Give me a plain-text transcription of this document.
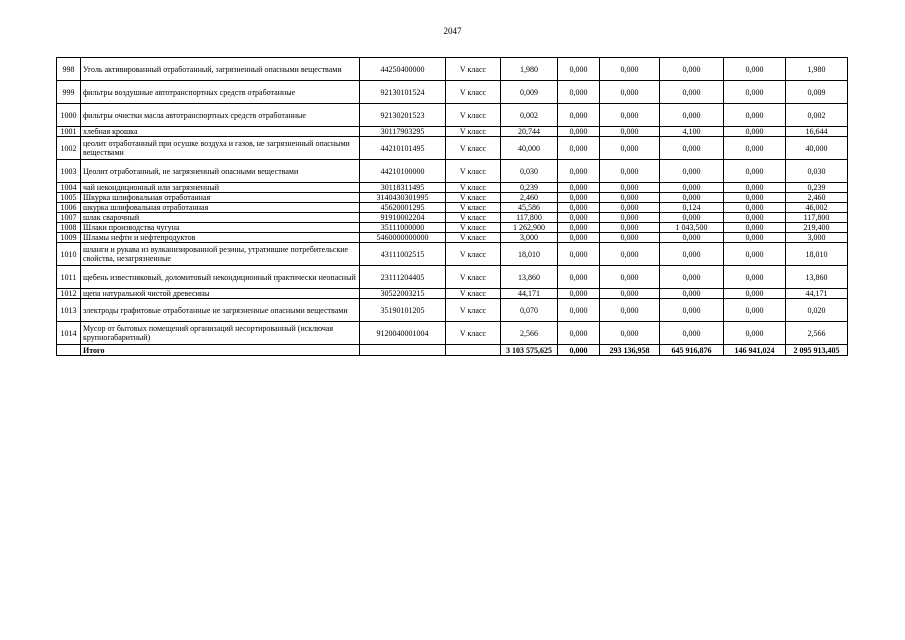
2047
998	Уголь активированный отработанный, загрязненный опасными веществами	44250400000	V класс	1,980	0,000	0,000	0,000	0,000	1,980
999	фильтры воздушные автотранспортных средств отработанные	92130101524	V класс	0,009	0,000	0,000	0,000	0,000	0,009
1000	фильтры очистки масла автотранспортных средств отработанные	92130201523	V класс	0,002	0,000	0,000	0,000	0,000	0,002
1001	хлебная крошка	30117903295	V класс	20,744	0,000	0,000	4,100	0,000	16,644
1002	цеолит отработанный при осушке воздуха и газов, не загрязненный опасными веществами	44210101495	V класс	40,000	0,000	0,000	0,000	0,000	40,000
1003	Цеолит отработанный, не загрязненный опасными веществами	44210100000	V класс	0,030	0,000	0,000	0,000	0,000	0,030
1004	чай некондиционный или загрязненный	30118311495	V класс	0,239	0,000	0,000	0,000	0,000	0,239
1005	Шкурка шлифовальная отработанная	3140430301995	V класс	2,460	0,000	0,000	0,000	0,000	2,460
1006	шкурка шлифовальная отработанная	45620001295	V класс	45,586	0,000	0,000	0,124	0,000	46,002
1007	шлак сварочный	91910002204	V класс	117,800	0,000	0,000	0,000	0,000	117,800
1008	Шлаки производства чугуна	35111000000	V класс	1 262,900	0,000	0,000	1 043,500	0,000	219,400
1009	Шламы нефти и нефтепродуктов	5460000000000	V класс	3,000	0,000	0,000	0,000	0,000	3,000
1010	шланги и рукава из вулканизированной резины, утратившие потребительские свойства, незагрязненные	43111002515	V класс	18,010	0,000	0,000	0,000	0,000	18,010
1011	щебень известняковый, доломитовый некондиционный практически неопасный	23111204405	V класс	13,860	0,000	0,000	0,000	0,000	13,860
1012	щепа натуральной чистой древесины	30522003215	V класс	44,171	0,000	0,000	0,000	0,000	44,171
1013	электроды графитовые отработанные не загрязненные опасными веществами	35190101205	V класс	0,070	0,000	0,000	0,000	0,000	0,020
1014	Мусор от бытовых помещений организаций несортированный (исключая крупногабаритный)	9120040001004	V класс	2,566	0,000	0,000	0,000	0,000	2,566
	Итого			3 103 575,625	0,000	293 136,958	645 916,876	146 941,024	2 095 913,405
